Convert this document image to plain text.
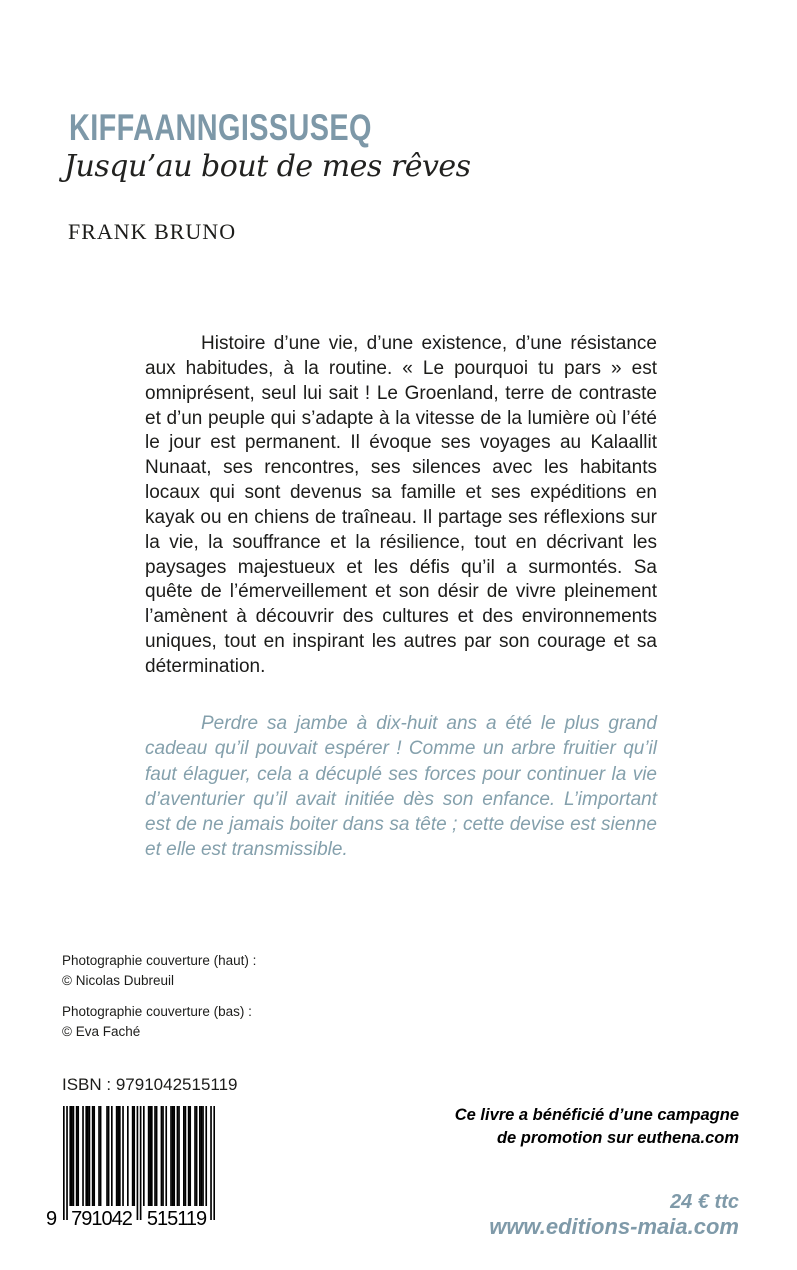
KIFFAANNGISSUSEQ
Jusqu’au bout de mes rêves
FRANK BRUNO

Histoire d’une vie, d’une existence, d’une résistance aux habitudes, à la routine. « Le pourquoi tu pars » est omniprésent, seul lui sait ! Le Groenland, terre de contraste et d’un peuple qui s’adapte à la vitesse de la lumière où l’été le jour est permanent. Il évoque ses voyages au Kalaallit Nunaat, ses rencontres, ses silences avec les habitants locaux qui sont devenus sa famille et ses expéditions en kayak ou en chiens de traîneau. Il partage ses réflexions sur la vie, la souffrance et la résilience, tout en décrivant les paysages majestueux et les défis qu’il a surmontés. Sa quête de l’émerveillement et son désir de vivre pleinement l’amènent à découvrir des cultures et des environnements uniques, tout en inspirant les autres par son courage et sa détermination.

Perdre sa jambe à dix-huit ans a été le plus grand cadeau qu’il pouvait espérer ! Comme un arbre fruitier qu’il faut élaguer, cela a décuplé ses forces pour continuer la vie d’aventurier qu’il avait initiée dès son enfance. L’important est de ne jamais boiter dans sa tête ; cette devise est sienne et elle est transmissible.

Photographie couverture (haut) :
© Nicolas Dubreuil
Photographie couverture (bas) :
© Eva Faché
ISBN : 9791042515119
9 791042 515119
Ce livre a bénéficié d’une campagne
de promotion sur euthena.com
24 € ttc
www.editions-maia.com
